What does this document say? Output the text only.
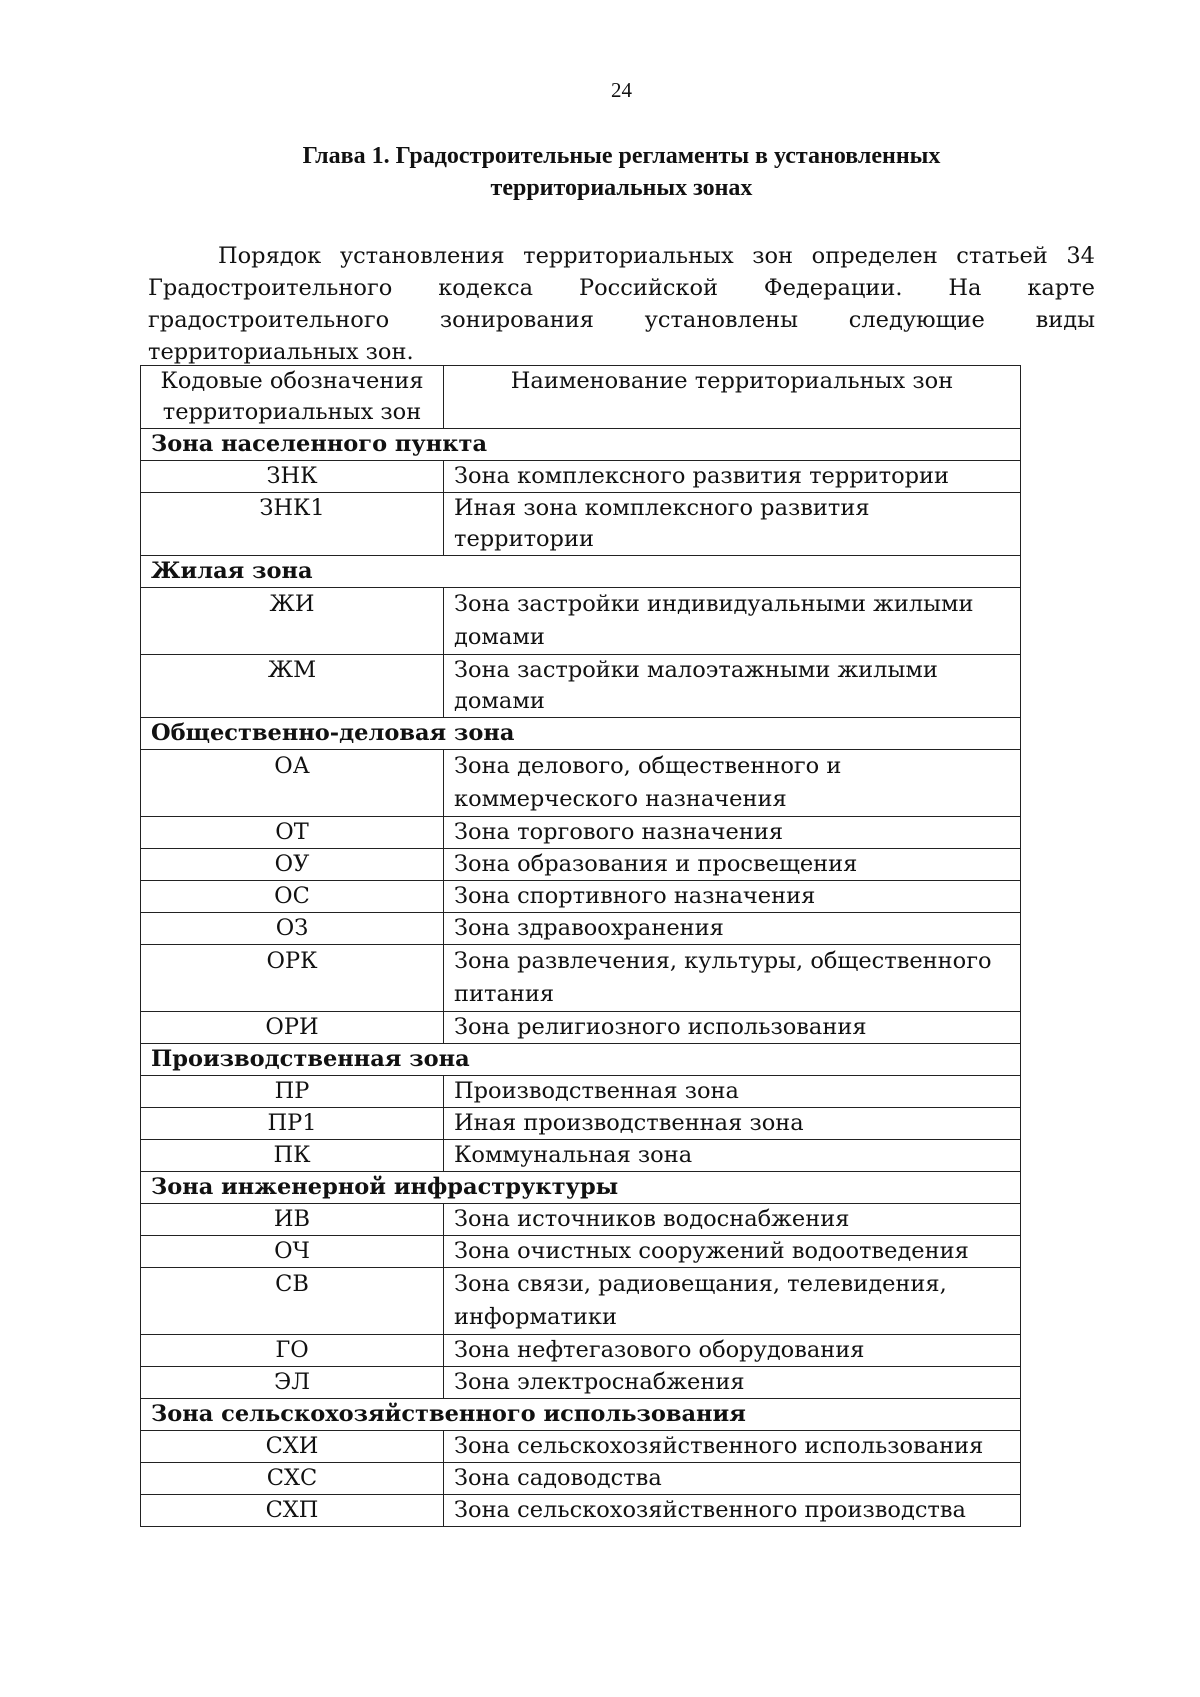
24
Глава 1. Градостроительные регламенты в установленных
территориальных зонах

Порядок установления территориальных зон определен статьей 34 Градостроительного кодекса Российской Федерации. На карте градостроительного зонирования установлены следующие виды территориальных зон.

Кодовые обозначения территориальных зон	Наименование территориальных зон
Зона населенного пункта	
ЗНК	Зона комплексного развития территории
ЗНК1	Иная зона комплексного развития территории
Жилая зона	
ЖИ	Зона застройки индивидуальными жилыми домами
ЖМ	Зона застройки малоэтажными жилыми домами
Общественно-деловая зона	
ОА	Зона делового, общественного и коммерческого назначения
ОТ	Зона торгового назначения
ОУ	Зона образования и просвещения
ОС	Зона спортивного назначения
ОЗ	Зона здравоохранения
ОРК	Зона развлечения, культуры, общественного питания
ОРИ	Зона религиозного использования
Производственная зона	
ПР	Производственная зона
ПР1	Иная производственная зона
ПК	Коммунальная зона
Зона инженерной инфраструктуры	
ИВ	Зона источников водоснабжения
ОЧ	Зона очистных сооружений водоотведения
СВ	Зона связи, радиовещания, телевидения, информатики
ГО	Зона нефтегазового оборудования
ЭЛ	Зона электроснабжения
Зона сельскохозяйственного использования	
СХИ	Зона сельскохозяйственного использования
СХС	Зона садоводства
СХП	Зона сельскохозяйственного производства
